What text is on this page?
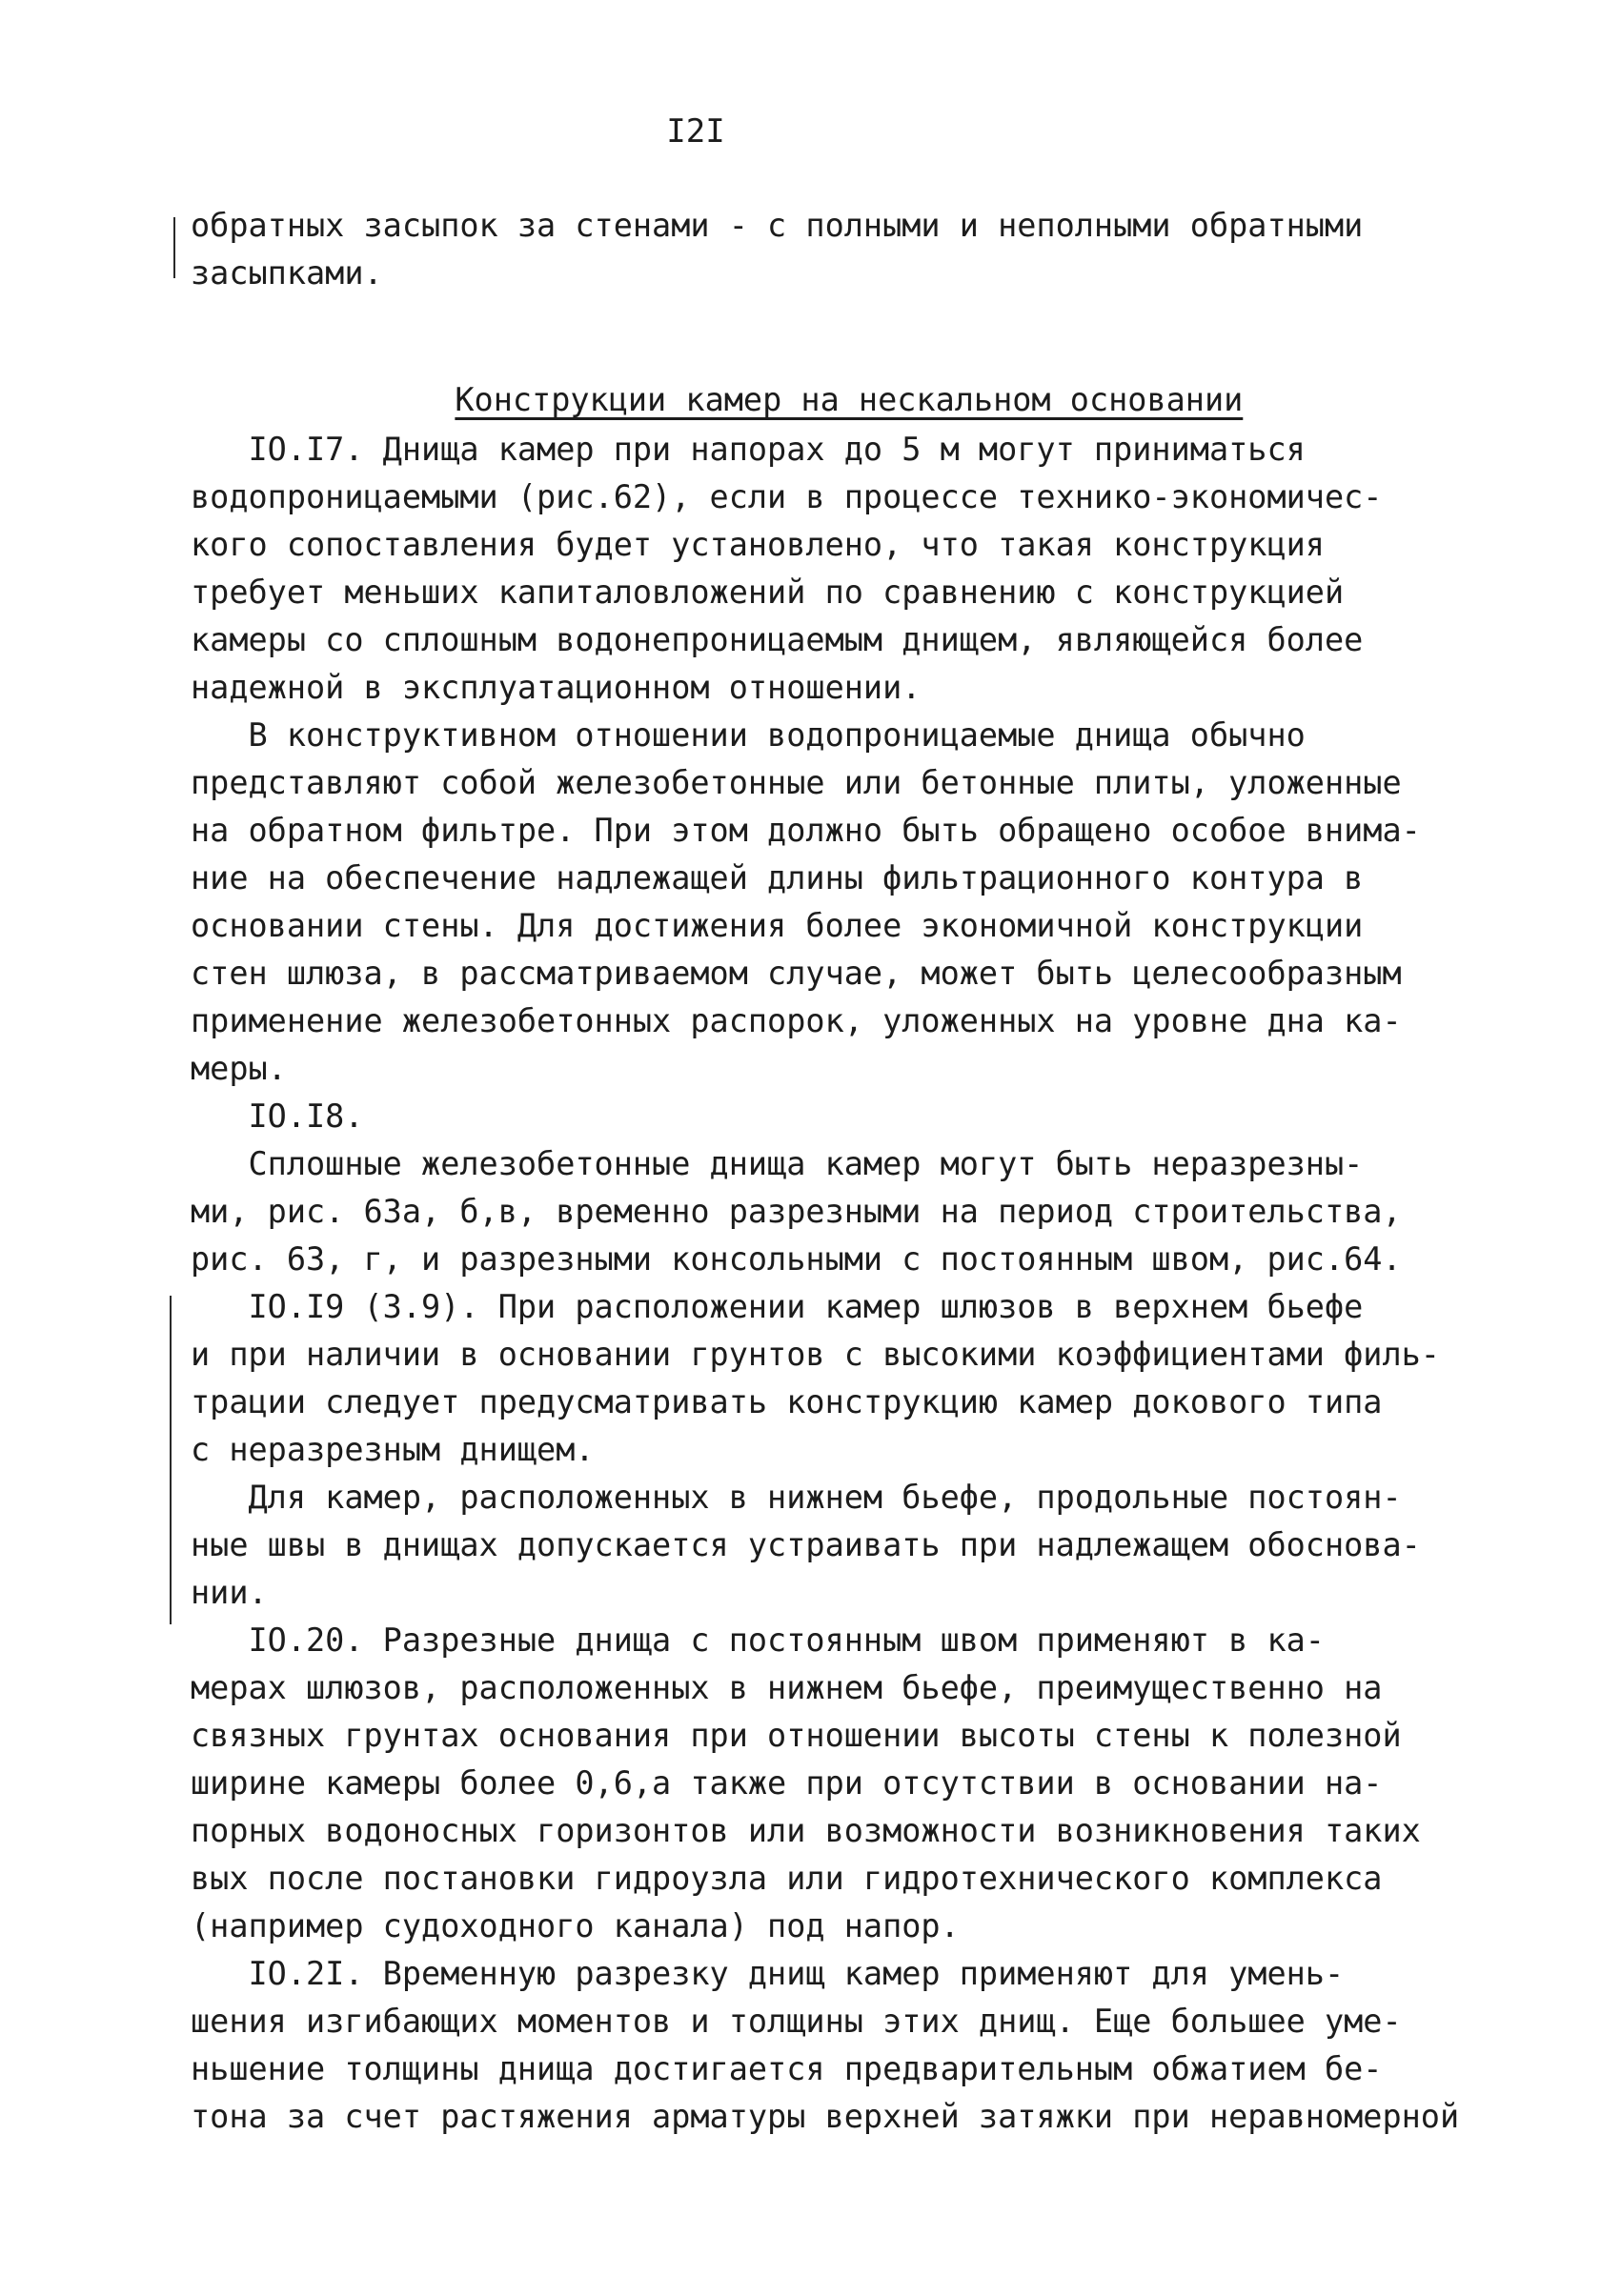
I2I
обратных засыпок за стенами - с полными и неполными обратными
засыпками.

Конструкции камер на нескальном основании

IO.I7. Днища камер при напорах до 5 м могут приниматься
водопроницаемыми (рис.62), если в процессе технико-экономичес-
кого сопоставления будет установлено, что такая конструкция
требует меньших капиталовложений по сравнению с конструкцией
камеры со сплошным водонепроницаемым днищем, являющейся более
надежной в эксплуатационном отношении.
В конструктивном отношении водопроницаемые днища обычно
представляют собой железобетонные или бетонные плиты, уложенные
на обратном фильтре. При этом должно быть обращено особое внима-
ние на обеспечение надлежащей длины фильтрационного контура в
основании стены. Для достижения более экономичной конструкции
стен шлюза, в рассматриваемом случае, может быть целесообразным
применение железобетонных распорок, уложенных на уровне дна ка-
меры.
IO.I8.
Сплошные железобетонные днища камер могут быть неразрезны-
ми, рис. 63а, б,в, временно разрезными на период строительства,
рис. 63, г, и разрезными консольными с постоянным швом, рис.64.
IO.I9 (3.9). При расположении камер шлюзов в верхнем бьефе
и при наличии в основании грунтов с высокими коэффициентами филь-
трации следует предусматривать конструкцию камер докового типа
с неразрезным днищем.
Для камер, расположенных в нижнем бьефе, продольные постоян-
ные швы в днищах допускается устраивать при надлежащем обоснова-
нии.
IO.20. Разрезные днища с постоянным швом применяют в ка-
мерах шлюзов, расположенных в нижнем бьефе, преимущественно на
связных грунтах основания при отношении высоты стены к полезной
ширине камеры более 0,6,а также при отсутствии в основании на-
порных водоносных горизонтов или возможности возникновения таких
вых после постановки гидроузла или гидротехнического комплекса
(например судоходного канала) под напор.
IO.2I. Временную разрезку днищ камер применяют для умень-
шения изгибающих моментов и толщины этих днищ. Еще большее уме-
ньшение толщины днища достигается предварительным обжатием бе-
тона за счет растяжения арматуры верхней затяжки при неравномерной
